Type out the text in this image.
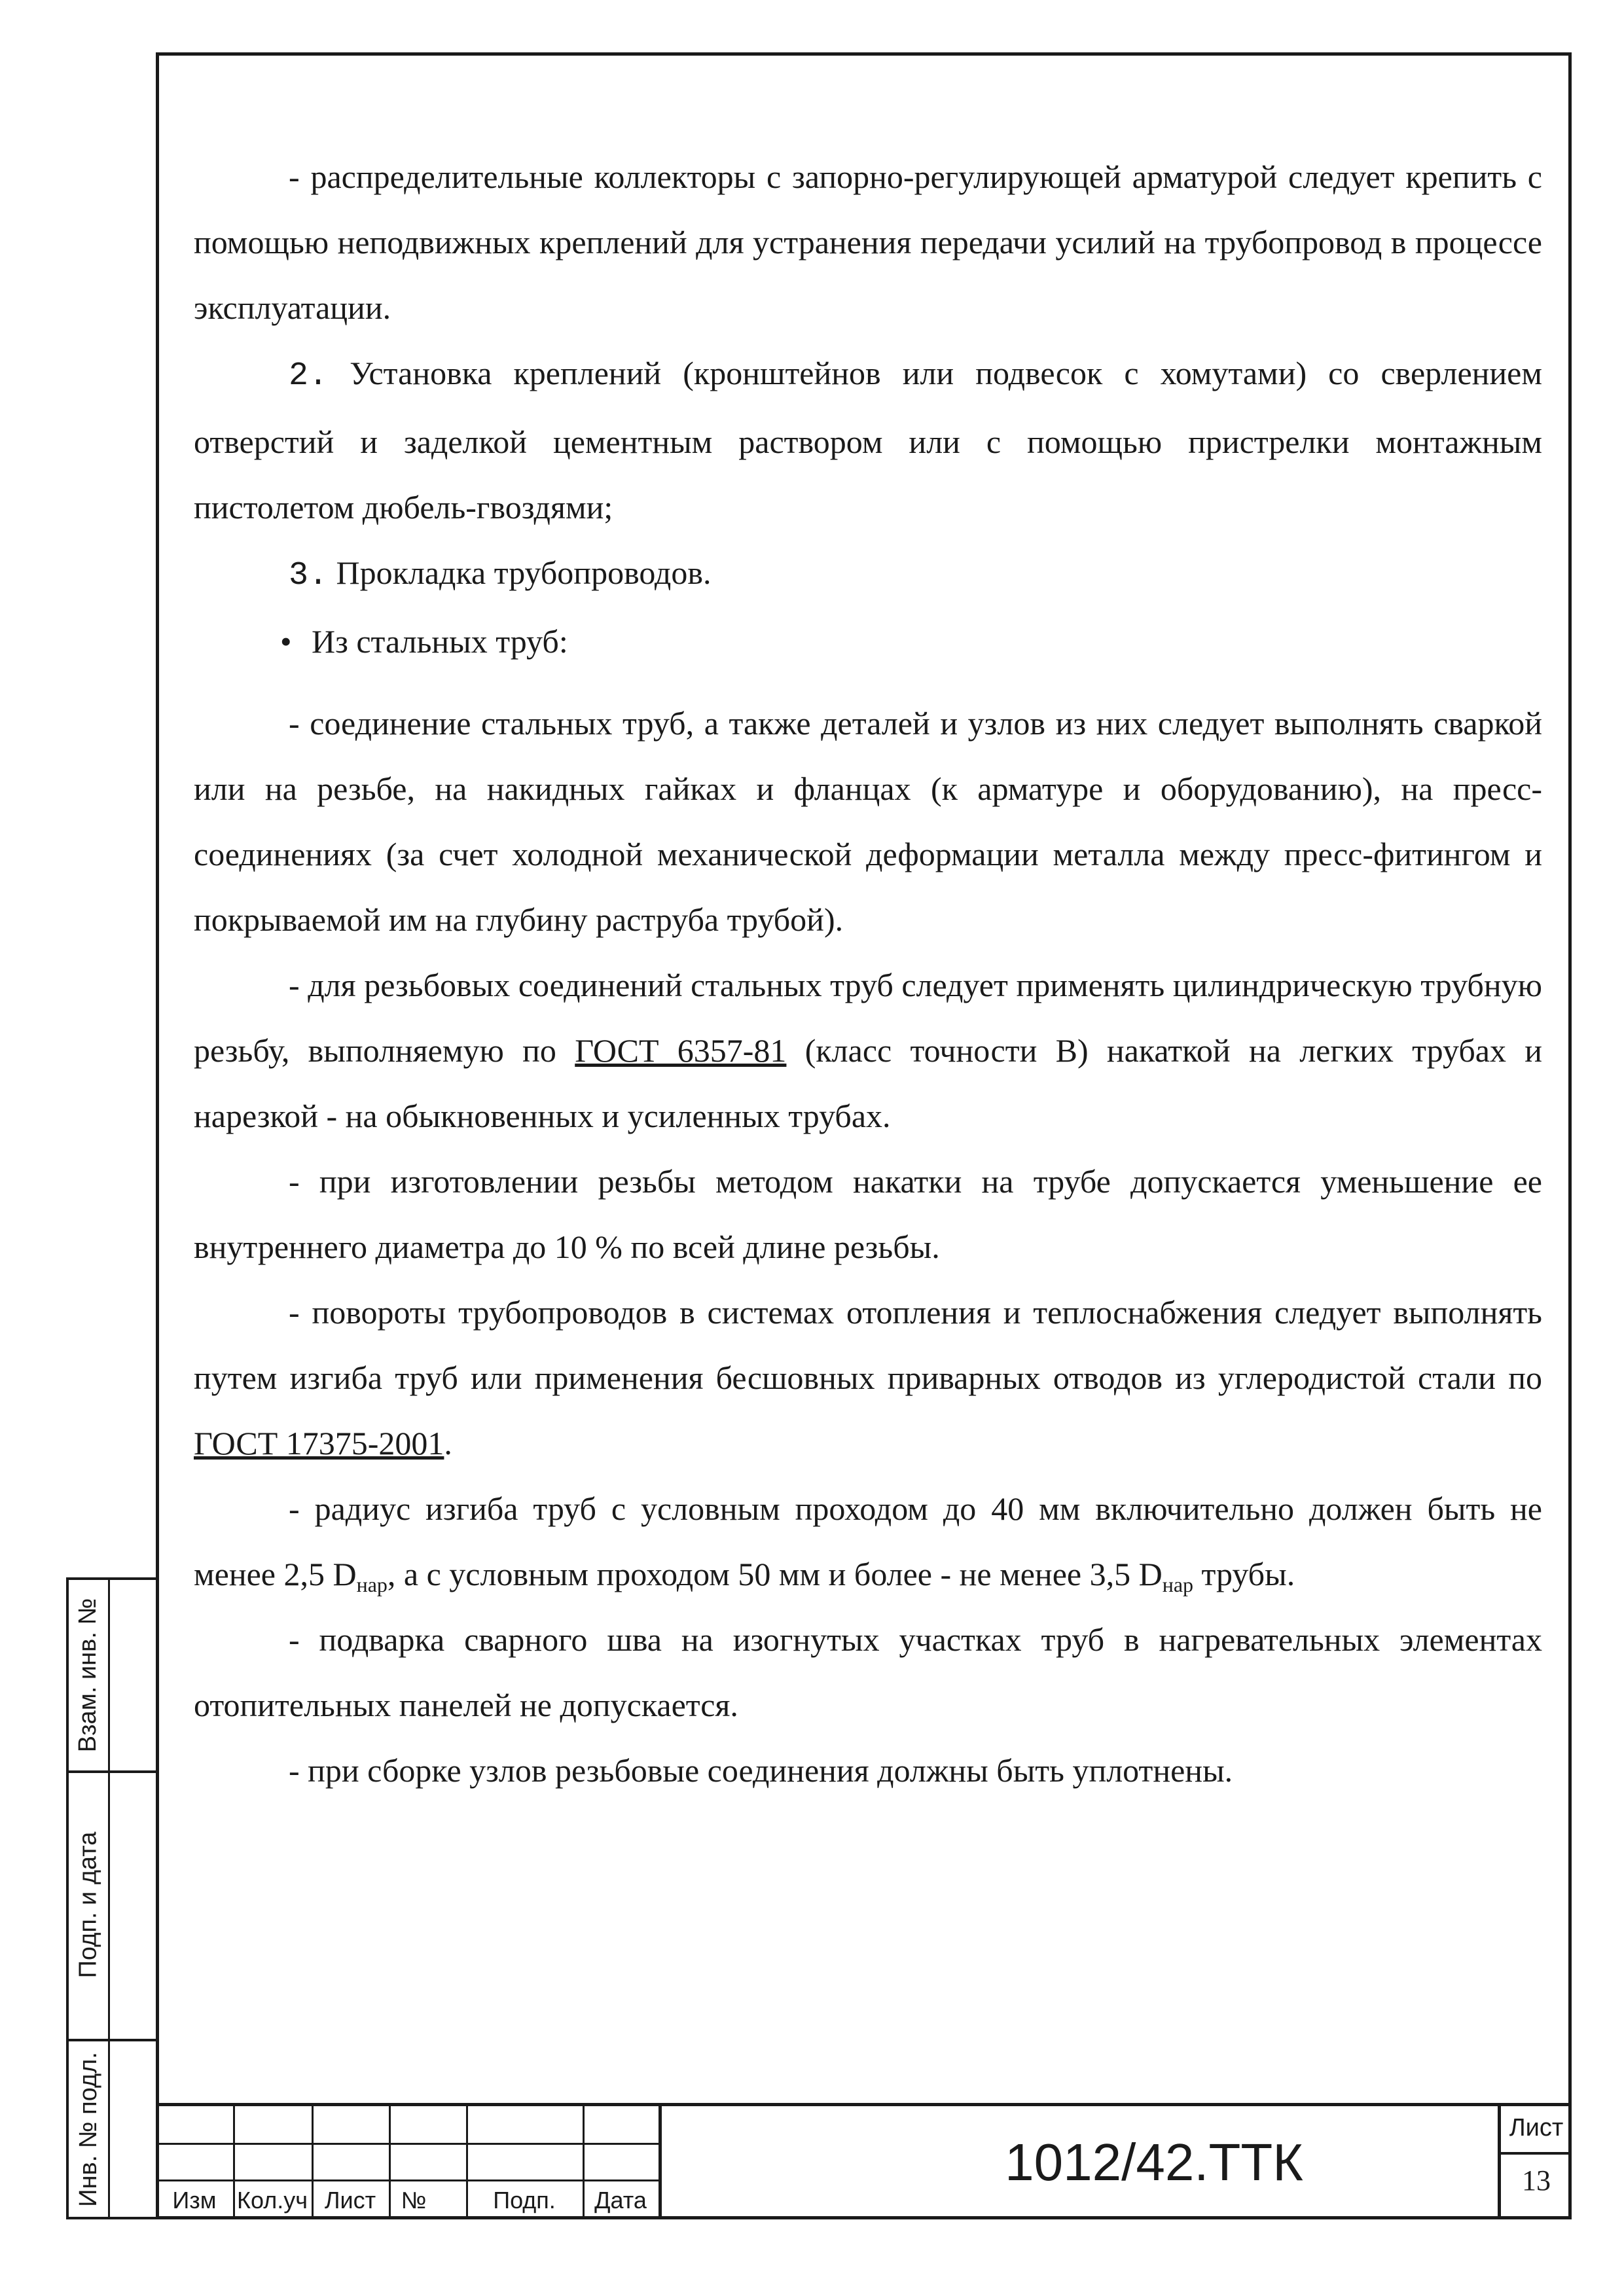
Взам. инв. №
Подп. и дата
Инв. № подл.

- распределительные коллекторы с запорно-регулирующей арматурой следует крепить с помощью неподвижных креплений для устранения передачи усилий на трубопровод в процессе эксплуатации.

2. Установка креплений (кронштейнов или подвесок с хомутами) со сверлением отверстий и заделкой цементным раствором или с помощью пристрелки монтажным пистолетом дюбель-гвоздями;

3. Прокладка трубопроводов.

• Из стальных труб:

- соединение стальных труб, а также деталей и узлов из них следует выполнять сваркой или на резьбе, на накидных гайках и фланцах (к арматуре и оборудованию), на пресс-соединениях (за счет холодной механической деформации металла между пресс-фитингом и покрываемой им на глубину раструба трубой).

- для резьбовых соединений стальных труб следует применять цилиндрическую трубную резьбу, выполняемую по ГОСТ 6357-81 (класс точности В) накаткой на легких трубах и нарезкой - на обыкновенных и усиленных трубах.

- при изготовлении резьбы методом накатки на трубе допускается уменьшение ее внутреннего диаметра до 10 % по всей длине резьбы.

- повороты трубопроводов в системах отопления и теплоснабжения следует выполнять путем изгиба труб или применения бесшовных приварных отводов из углеродистой стали по ГОСТ 17375-2001.

- радиус изгиба труб с условным проходом до 40 мм включительно должен быть не менее 2,5 $D_{нар}$, а с условным проходом 50 мм и более - не менее 3,5 $D_{нар}$ трубы.

- подварка сварного шва на изогнутых участках труб в нагревательных элементах отопительных панелей не допускается.

- при сборке узлов резьбовые соединения должны быть уплотнены.

Изм Кол.уч Лист	№	Подп.	Дата
1012/42.ТТК
Лист
13
